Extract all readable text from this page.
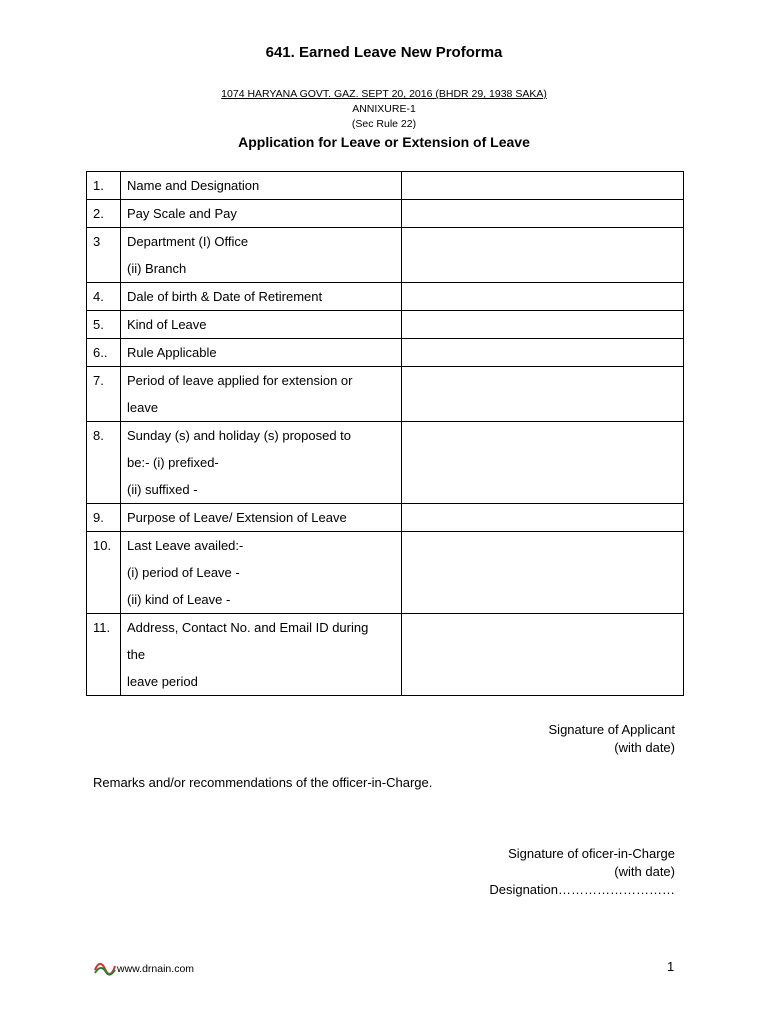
641. Earned Leave New Proforma
1074 HARYANA GOVT. GAZ. SEPT 20, 2016 (BHDR 29, 1938 SAKA)
ANNIXURE-1
(Sec Rule 22)
Application for Leave or Extension of Leave
1.	Name and Designation	

2.	Pay Scale and Pay	

3	Department (I) Office
(ii) Branch	

4.	Dale of birth & Date of Retirement	

5.	Kind of Leave	

6..	Rule Applicable	

7.	Period of leave applied for extension or
leave	

8.	Sunday (s) and holiday (s) proposed to
be:- (i) prefixed-
(ii) suffixed -	

9.	Purpose of Leave/ Extension of Leave	

10.	Last Leave availed:-
(i) period of Leave -
(ii) kind of Leave -	

11.	Address, Contact No. and Email ID during
the
leave period	

Signature of Applicant
(with date)
Remarks and/or recommendations of the officer-in-Charge.
Signature of oficer-in-Charge
(with date)
Designation………………………
www.drnain.com	1
